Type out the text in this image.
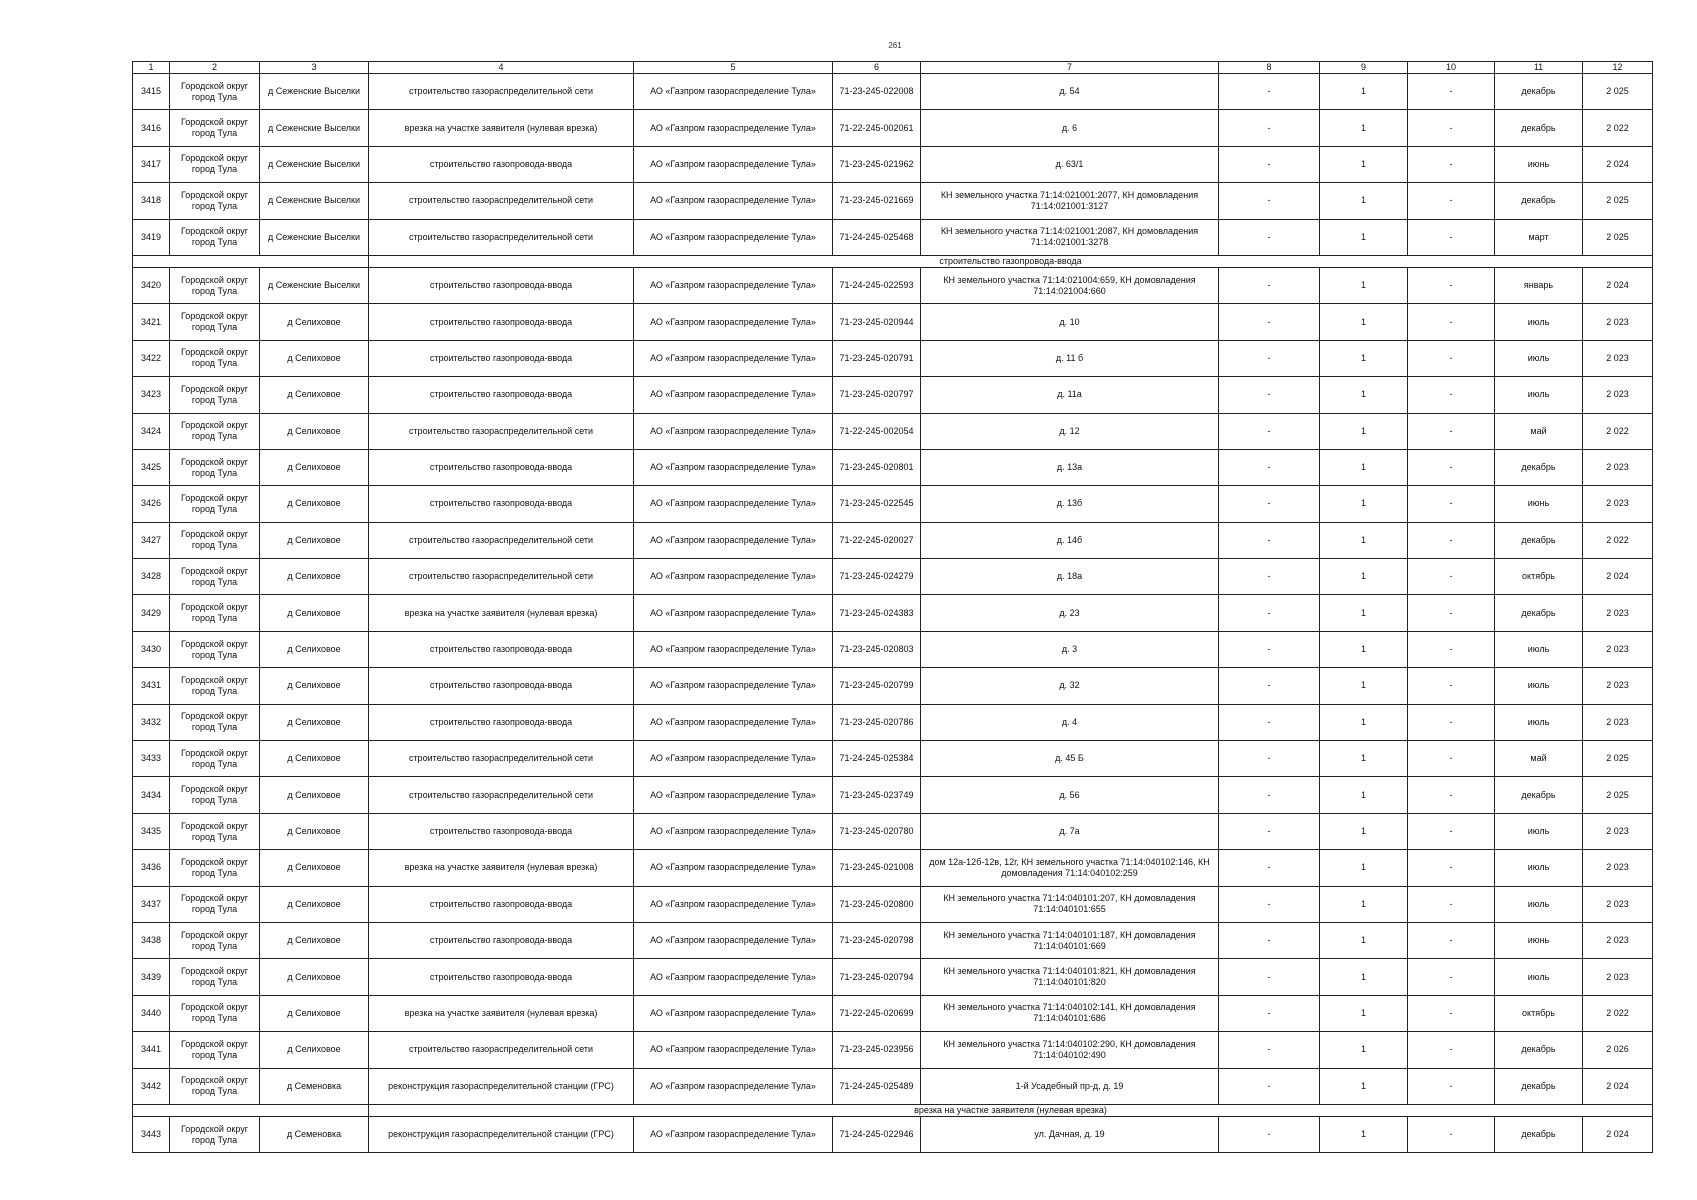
261
1	2	3	4	5	6	7	8	9	10	11	12
3415	Городской округ город Тула	д Сеженские Выселки	строительство газораспределительной сети	АО «Газпром газораспределение Тула»	71-23-245-022008	д. 54	-	1	-	декабрь	2 025
3416	Городской округ город Тула	д Сеженские Выселки	врезка на участке заявителя (нулевая врезка)	АО «Газпром газораспределение Тула»	71-22-245-002061	д. 6	-	1	-	декабрь	2 022
3417	Городской округ город Тула	д Сеженские Выселки	строительство газопровода-ввода	АО «Газпром газораспределение Тула»	71-23-245-021962	д. 63/1	-	1	-	июнь	2 024
3418	Городской округ город Тула	д Сеженские Выселки	строительство газораспределительной сети	АО «Газпром газораспределение Тула»	71-23-245-021669	КН земельного участка 71:14:021001:2077, КН домовладения 71:14:021001:3127	-	1	-	декабрь	2 025
3419	Городской округ город Тула	д Сеженские Выселки	строительство газораспределительной сети	АО «Газпром газораспределение Тула»	71-24-245-025468	КН земельного участка 71:14:021001:2087, КН домовладения 71:14:021001:3278	-	1	-	март	2 025
			строительство газопровода-ввода								
3420	Городской округ город Тула	д Сеженские Выселки	строительство газопровода-ввода	АО «Газпром газораспределение Тула»	71-24-245-022593	КН земельного участка 71:14:021004:659, КН домовладения 71:14:021004:660	-	1	-	январь	2 024
3421	Городской округ город Тула	д Селиховое	строительство газопровода-ввода	АО «Газпром газораспределение Тула»	71-23-245-020944	д. 10	-	1	-	июль	2 023
3422	Городской округ город Тула	д Селиховое	строительство газопровода-ввода	АО «Газпром газораспределение Тула»	71-23-245-020791	д. 11 б	-	1	-	июль	2 023
3423	Городской округ город Тула	д Селиховое	строительство газопровода-ввода	АО «Газпром газораспределение Тула»	71-23-245-020797	д. 11а	-	1	-	июль	2 023
3424	Городской округ город Тула	д Селиховое	строительство газораспределительной сети	АО «Газпром газораспределение Тула»	71-22-245-002054	д. 12	-	1	-	май	2 022
3425	Городской округ город Тула	д Селиховое	строительство газопровода-ввода	АО «Газпром газораспределение Тула»	71-23-245-020801	д. 13а	-	1	-	декабрь	2 023
3426	Городской округ город Тула	д Селиховое	строительство газопровода-ввода	АО «Газпром газораспределение Тула»	71-23-245-022545	д. 13б	-	1	-	июнь	2 023
3427	Городской округ город Тула	д Селиховое	строительство газораспределительной сети	АО «Газпром газораспределение Тула»	71-22-245-020027	д. 14б	-	1	-	декабрь	2 022
3428	Городской округ город Тула	д Селиховое	строительство газораспределительной сети	АО «Газпром газораспределение Тула»	71-23-245-024279	д. 18а	-	1	-	октябрь	2 024
3429	Городской округ город Тула	д Селиховое	врезка на участке заявителя (нулевая врезка)	АО «Газпром газораспределение Тула»	71-23-245-024383	д. 23	-	1	-	декабрь	2 023
3430	Городской округ город Тула	д Селиховое	строительство газопровода-ввода	АО «Газпром газораспределение Тула»	71-23-245-020803	д. 3	-	1	-	июль	2 023
3431	Городской округ город Тула	д Селиховое	строительство газопровода-ввода	АО «Газпром газораспределение Тула»	71-23-245-020799	д. 32	-	1	-	июль	2 023
3432	Городской округ город Тула	д Селиховое	строительство газопровода-ввода	АО «Газпром газораспределение Тула»	71-23-245-020786	д. 4	-	1	-	июль	2 023
3433	Городской округ город Тула	д Селиховое	строительство газораспределительной сети	АО «Газпром газораспределение Тула»	71-24-245-025384	д. 45 Б	-	1	-	май	2 025
3434	Городской округ город Тула	д Селиховое	строительство газораспределительной сети	АО «Газпром газораспределение Тула»	71-23-245-023749	д. 56	-	1	-	декабрь	2 025
3435	Городской округ город Тула	д Селиховое	строительство газопровода-ввода	АО «Газпром газораспределение Тула»	71-23-245-020780	д. 7а	-	1	-	июль	2 023
3436	Городской округ город Тула	д Селиховое	врезка на участке заявителя (нулевая врезка)	АО «Газпром газораспределение Тула»	71-23-245-021008	дом 12а-12б-12в, 12г, КН земельного участка 71:14:040102:146, КН домовладения 71:14:040102:259	-	1	-	июль	2 023
3437	Городской округ город Тула	д Селиховое	строительство газопровода-ввода	АО «Газпром газораспределение Тула»	71-23-245-020800	КН земельного участка 71:14:040101:207, КН домовладения 71:14:040101:655	-	1	-	июль	2 023
3438	Городской округ город Тула	д Селиховое	строительство газопровода-ввода	АО «Газпром газораспределение Тула»	71-23-245-020798	КН земельного участка 71:14:040101:187, КН домовладения 71:14:040101:669	-	1	-	июнь	2 023
3439	Городской округ город Тула	д Селиховое	строительство газопровода-ввода	АО «Газпром газораспределение Тула»	71-23-245-020794	КН земельного участка 71:14:040101:821, КН домовладения 71:14:040101:820	-	1	-	июль	2 023
3440	Городской округ город Тула	д Селиховое	врезка на участке заявителя (нулевая врезка)	АО «Газпром газораспределение Тула»	71-22-245-020699	КН земельного участка 71:14:040102:141, КН домовладения 71:14:040101:686	-	1	-	октябрь	2 022
3441	Городской округ город Тула	д Селиховое	строительство газораспределительной сети	АО «Газпром газораспределение Тула»	71-23-245-023956	КН земельного участка 71:14:040102:290, КН домовладения 71:14:040102:490	-	1	-	декабрь	2 026
3442	Городской округ город Тула	д Семеновка	реконструкция газораспределительной станции (ГРС)	АО «Газпром газораспределение Тула»	71-24-245-025489	1-й Усадебный пр-д, д. 19	-	1	-	декабрь	2 024
			врезка на участке заявителя (нулевая врезка)								
3443	Городской округ город Тула	д Семеновка	реконструкция газораспределительной станции (ГРС)	АО «Газпром газораспределение Тула»	71-24-245-022946	ул. Дачная, д. 19	-	1	-	декабрь	2 024
